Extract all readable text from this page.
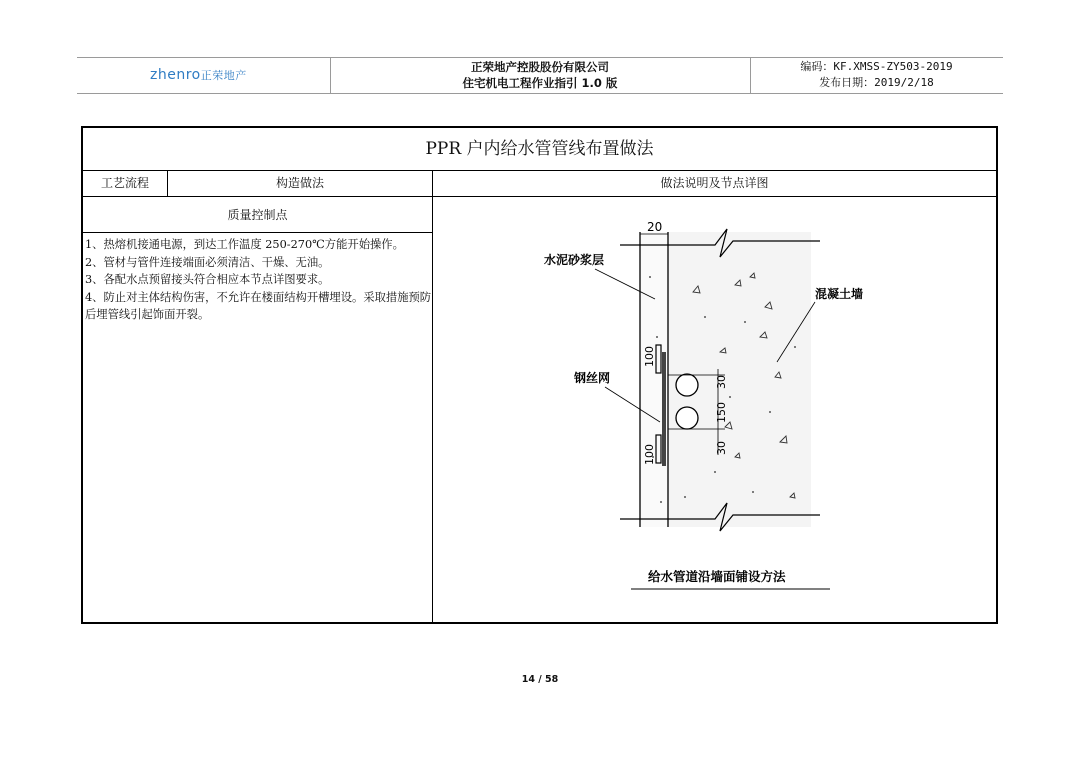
zhenro正荣地产
正荣地产控股股份有限公司
住宅机电工程作业指引 1.0 版
编码：KF.XMSS-ZY503-2019
发布日期：2019/2/18
PPR 户内给水管管线布置做法
工艺流程	构造做法	做法说明及节点详图
质量控制点
1、热熔机接通电源，到达工作温度 250-270℃方能开始操作。
2、管材与管件连接端面必须清洁、干燥、无油。
3、各配水点预留接头符合相应本节点详图要求。
4、防止对主体结构伤害，不允许在楼面结构开槽埋设。采取措施预防后埋管线引起饰面开裂。
20
100
100
30
150
30
水泥砂浆层
混凝土墙
钢丝网
给水管道沿墙面铺设方法
14 / 58
